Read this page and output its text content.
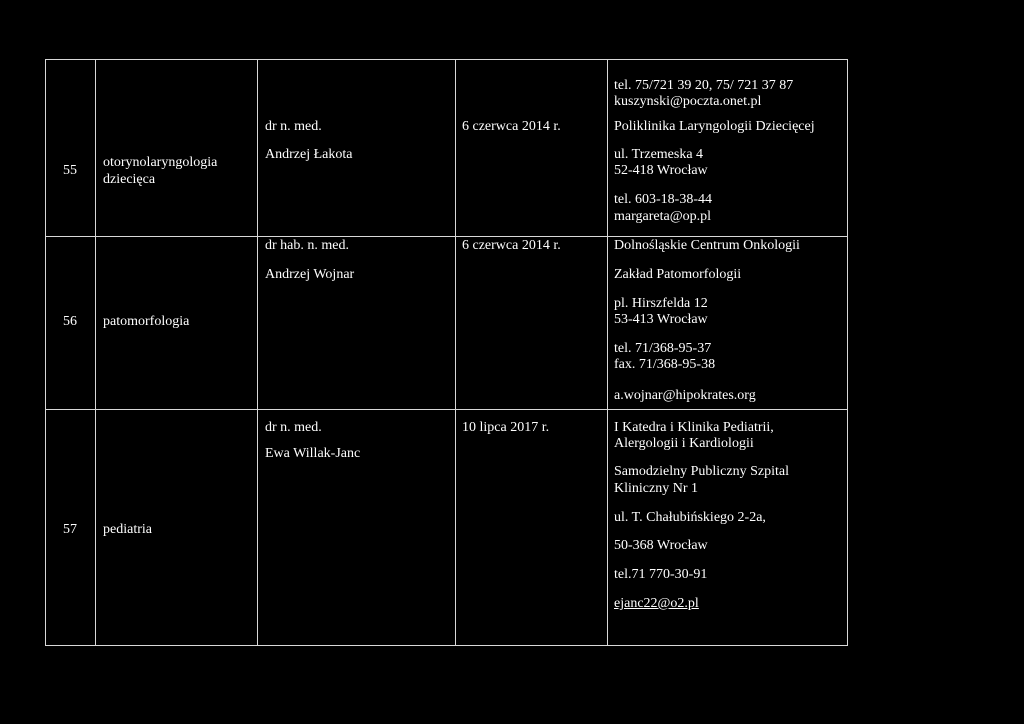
55
otorynolaryngologia
dziecięca
dr n. med.
Andrzej Łakota
6 czerwca 2014 r.
tel. 75/721 39 20, 75/ 721 37 87
kuszynski@poczta.onet.pl
Poliklinika Laryngologii Dziecięcej
ul. Trzemeska 4
52-418 Wrocław
tel. 603-18-38-44
margareta@op.pl
56 patomorfologia
dr hab. n. med.
Andrzej Wojnar
6 czerwca 2014 r.	Dolnośląskie Centrum Onkologii
Zakład Patomorfologii
pl. Hirszfelda 12
53-413 Wrocław
tel. 71/368-95-37
fax. 71/368-95-38
a.wojnar@hipokrates.org
57 pediatria
dr n. med.
Ewa Willak-Janc
10 lipca 2017 r.	I Katedra i Klinika Pediatrii,
Alergologii i Kardiologii
Samodzielny Publiczny Szpital
Kliniczny Nr 1
ul. T. Chałubińskiego 2-2a,
50-368 Wrocław
tel.71 770-30-91
ejanc22@o2.pl
